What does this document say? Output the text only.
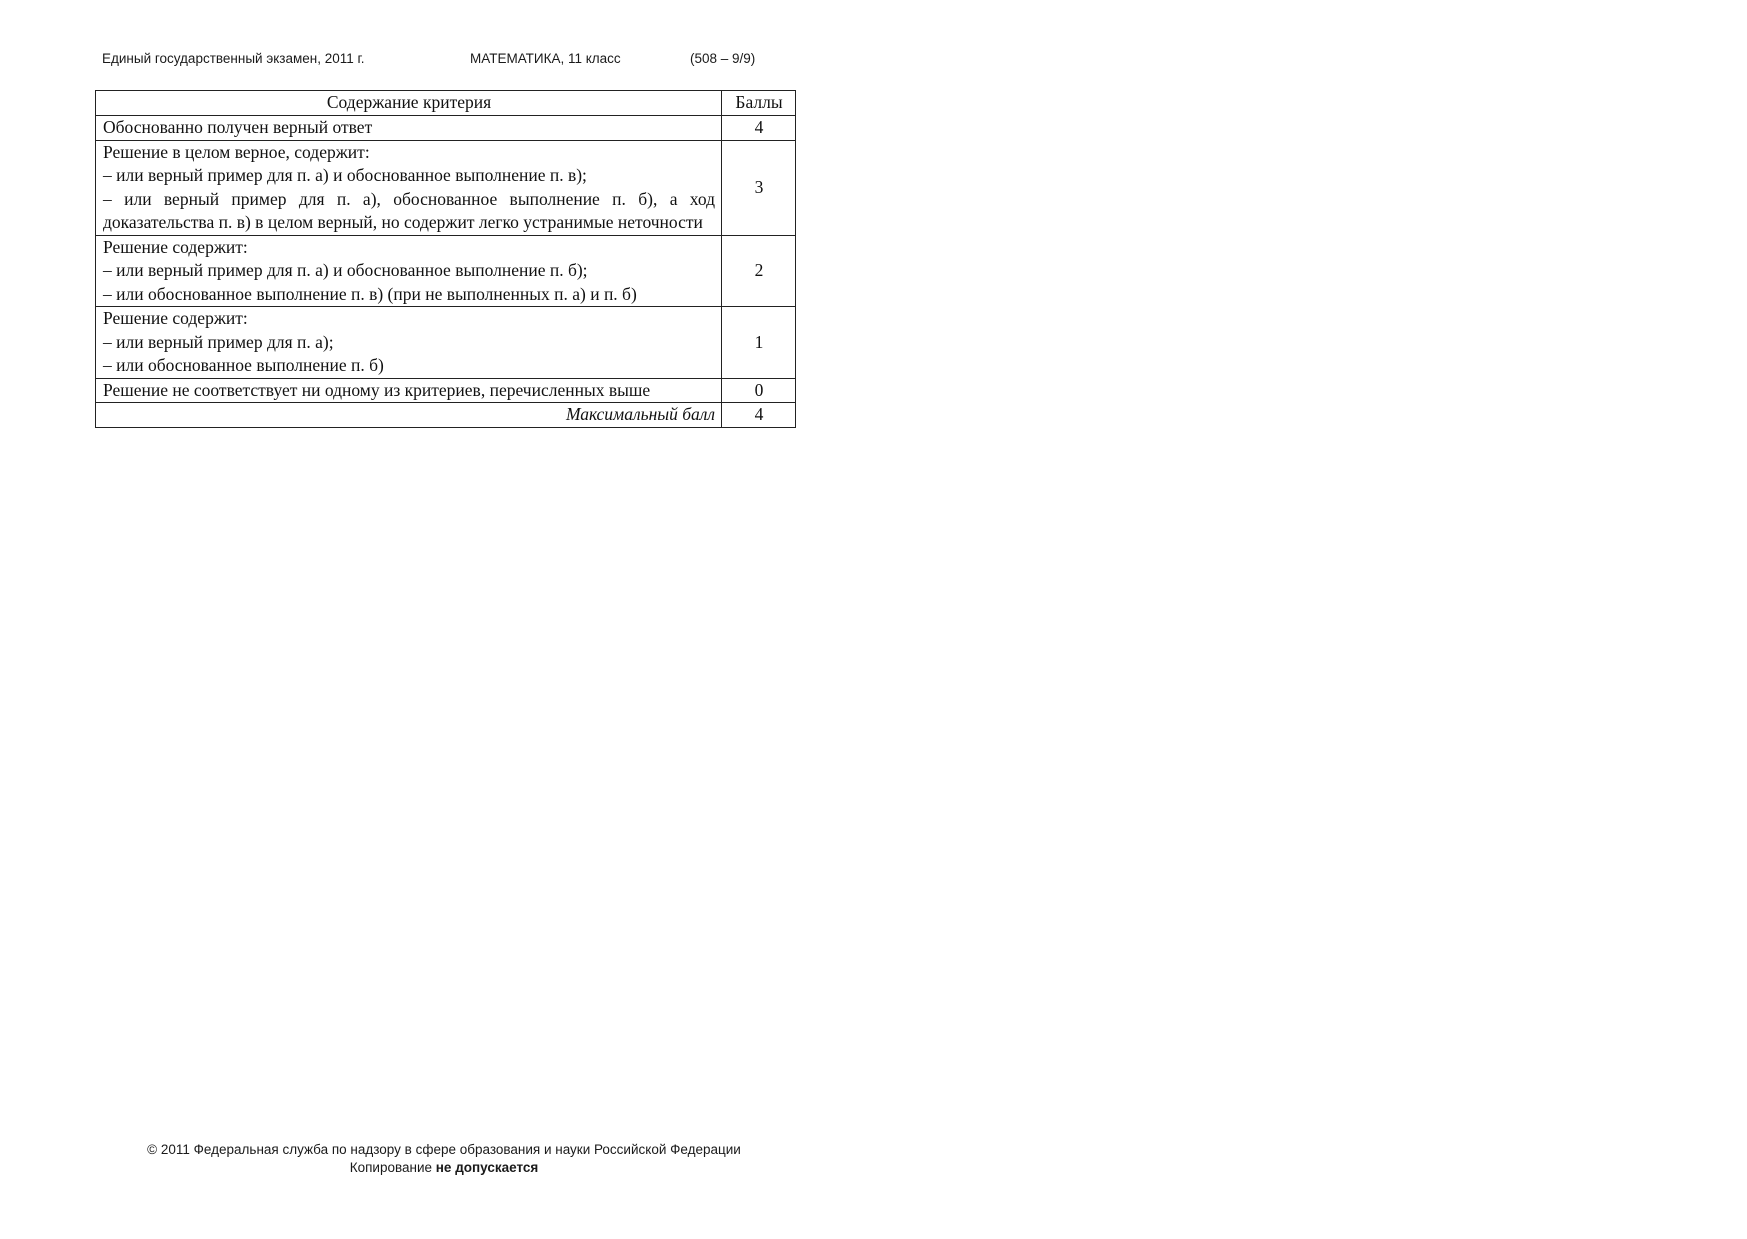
Единый государственный экзамен, 2011 г.	МАТЕМАТИКА, 11 класс	(508 – 9/9)
Содержание критерия	Баллы

Обоснованно получен верный ответ	4

Решение в целом верное, содержит:
– или верный пример для п. а) и обоснованное выполнение п. в);
– или верный пример для п. а), обоснованное выполнение п. б), а ход доказательства п. в) в целом верный, но содержит легко устранимые неточности	3

Решение содержит:
– или верный пример для п. а) и обоснованное выполнение п. б);
– или обоснованное выполнение п. в) (при не выполненных п. а) и п. б)	2

Решение содержит:
– или верный пример для п. а);
– или обоснованное выполнение п. б)	1

Решение не соответствует ни одному из критериев, перечисленных выше	0
Максимальный балл	4
© 2011 Федеральная служба по надзору в сфере образования и науки Российской Федерации
Копирование не допускается
